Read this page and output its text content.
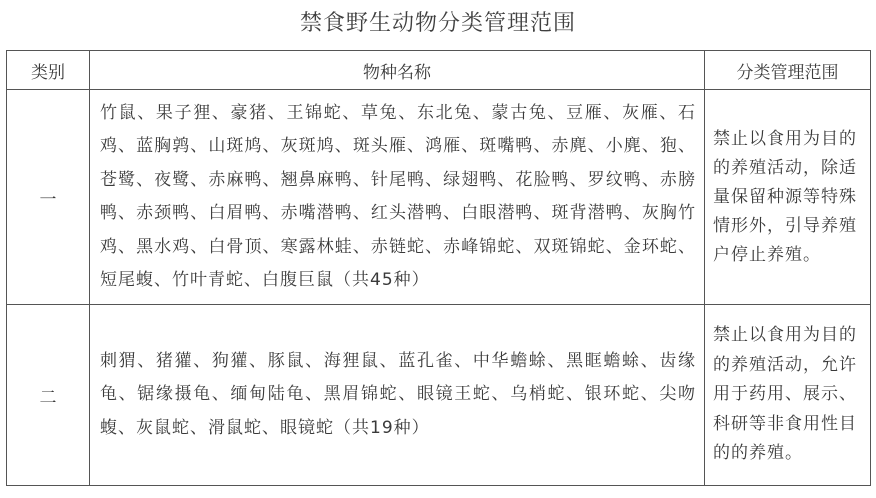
禁食野生动物分类管理范围
类别	物种名称	分类管理范围
一	竹鼠、果子狸、豪猪、王锦蛇、草兔、东北兔、蒙古兔、豆雁、灰雁、石鸡、蓝胸鹑、山斑鸠、灰斑鸠、斑头雁、鸿雁、斑嘴鸭、赤麂、小麂、狍、苍鹭、夜鹭、赤麻鸭、翘鼻麻鸭、针尾鸭、绿翅鸭、花脸鸭、罗纹鸭、赤膀鸭、赤颈鸭、白眉鸭、赤嘴潜鸭、红头潜鸭、白眼潜鸭、斑背潜鸭、灰胸竹鸡、黑水鸡、白骨顶、寒露林蛙、赤链蛇、赤峰锦蛇、双斑锦蛇、金环蛇、短尾蝮、竹叶青蛇、白腹巨鼠（共45种）	禁止以食用为目的的养殖活动，除适量保留种源等特殊情形外，引导养殖户停止养殖。
二	刺猬、猪獾、狗獾、豚鼠、海狸鼠、蓝孔雀、中华蟾蜍、黑眶蟾蜍、齿缘龟、锯缘摄龟、缅甸陆龟、黑眉锦蛇、眼镜王蛇、乌梢蛇、银环蛇、尖吻蝮、灰鼠蛇、滑鼠蛇、眼镜蛇（共19种）	禁止以食用为目的的养殖活动，允许用于药用、展示、科研等非食用性目的的养殖。
